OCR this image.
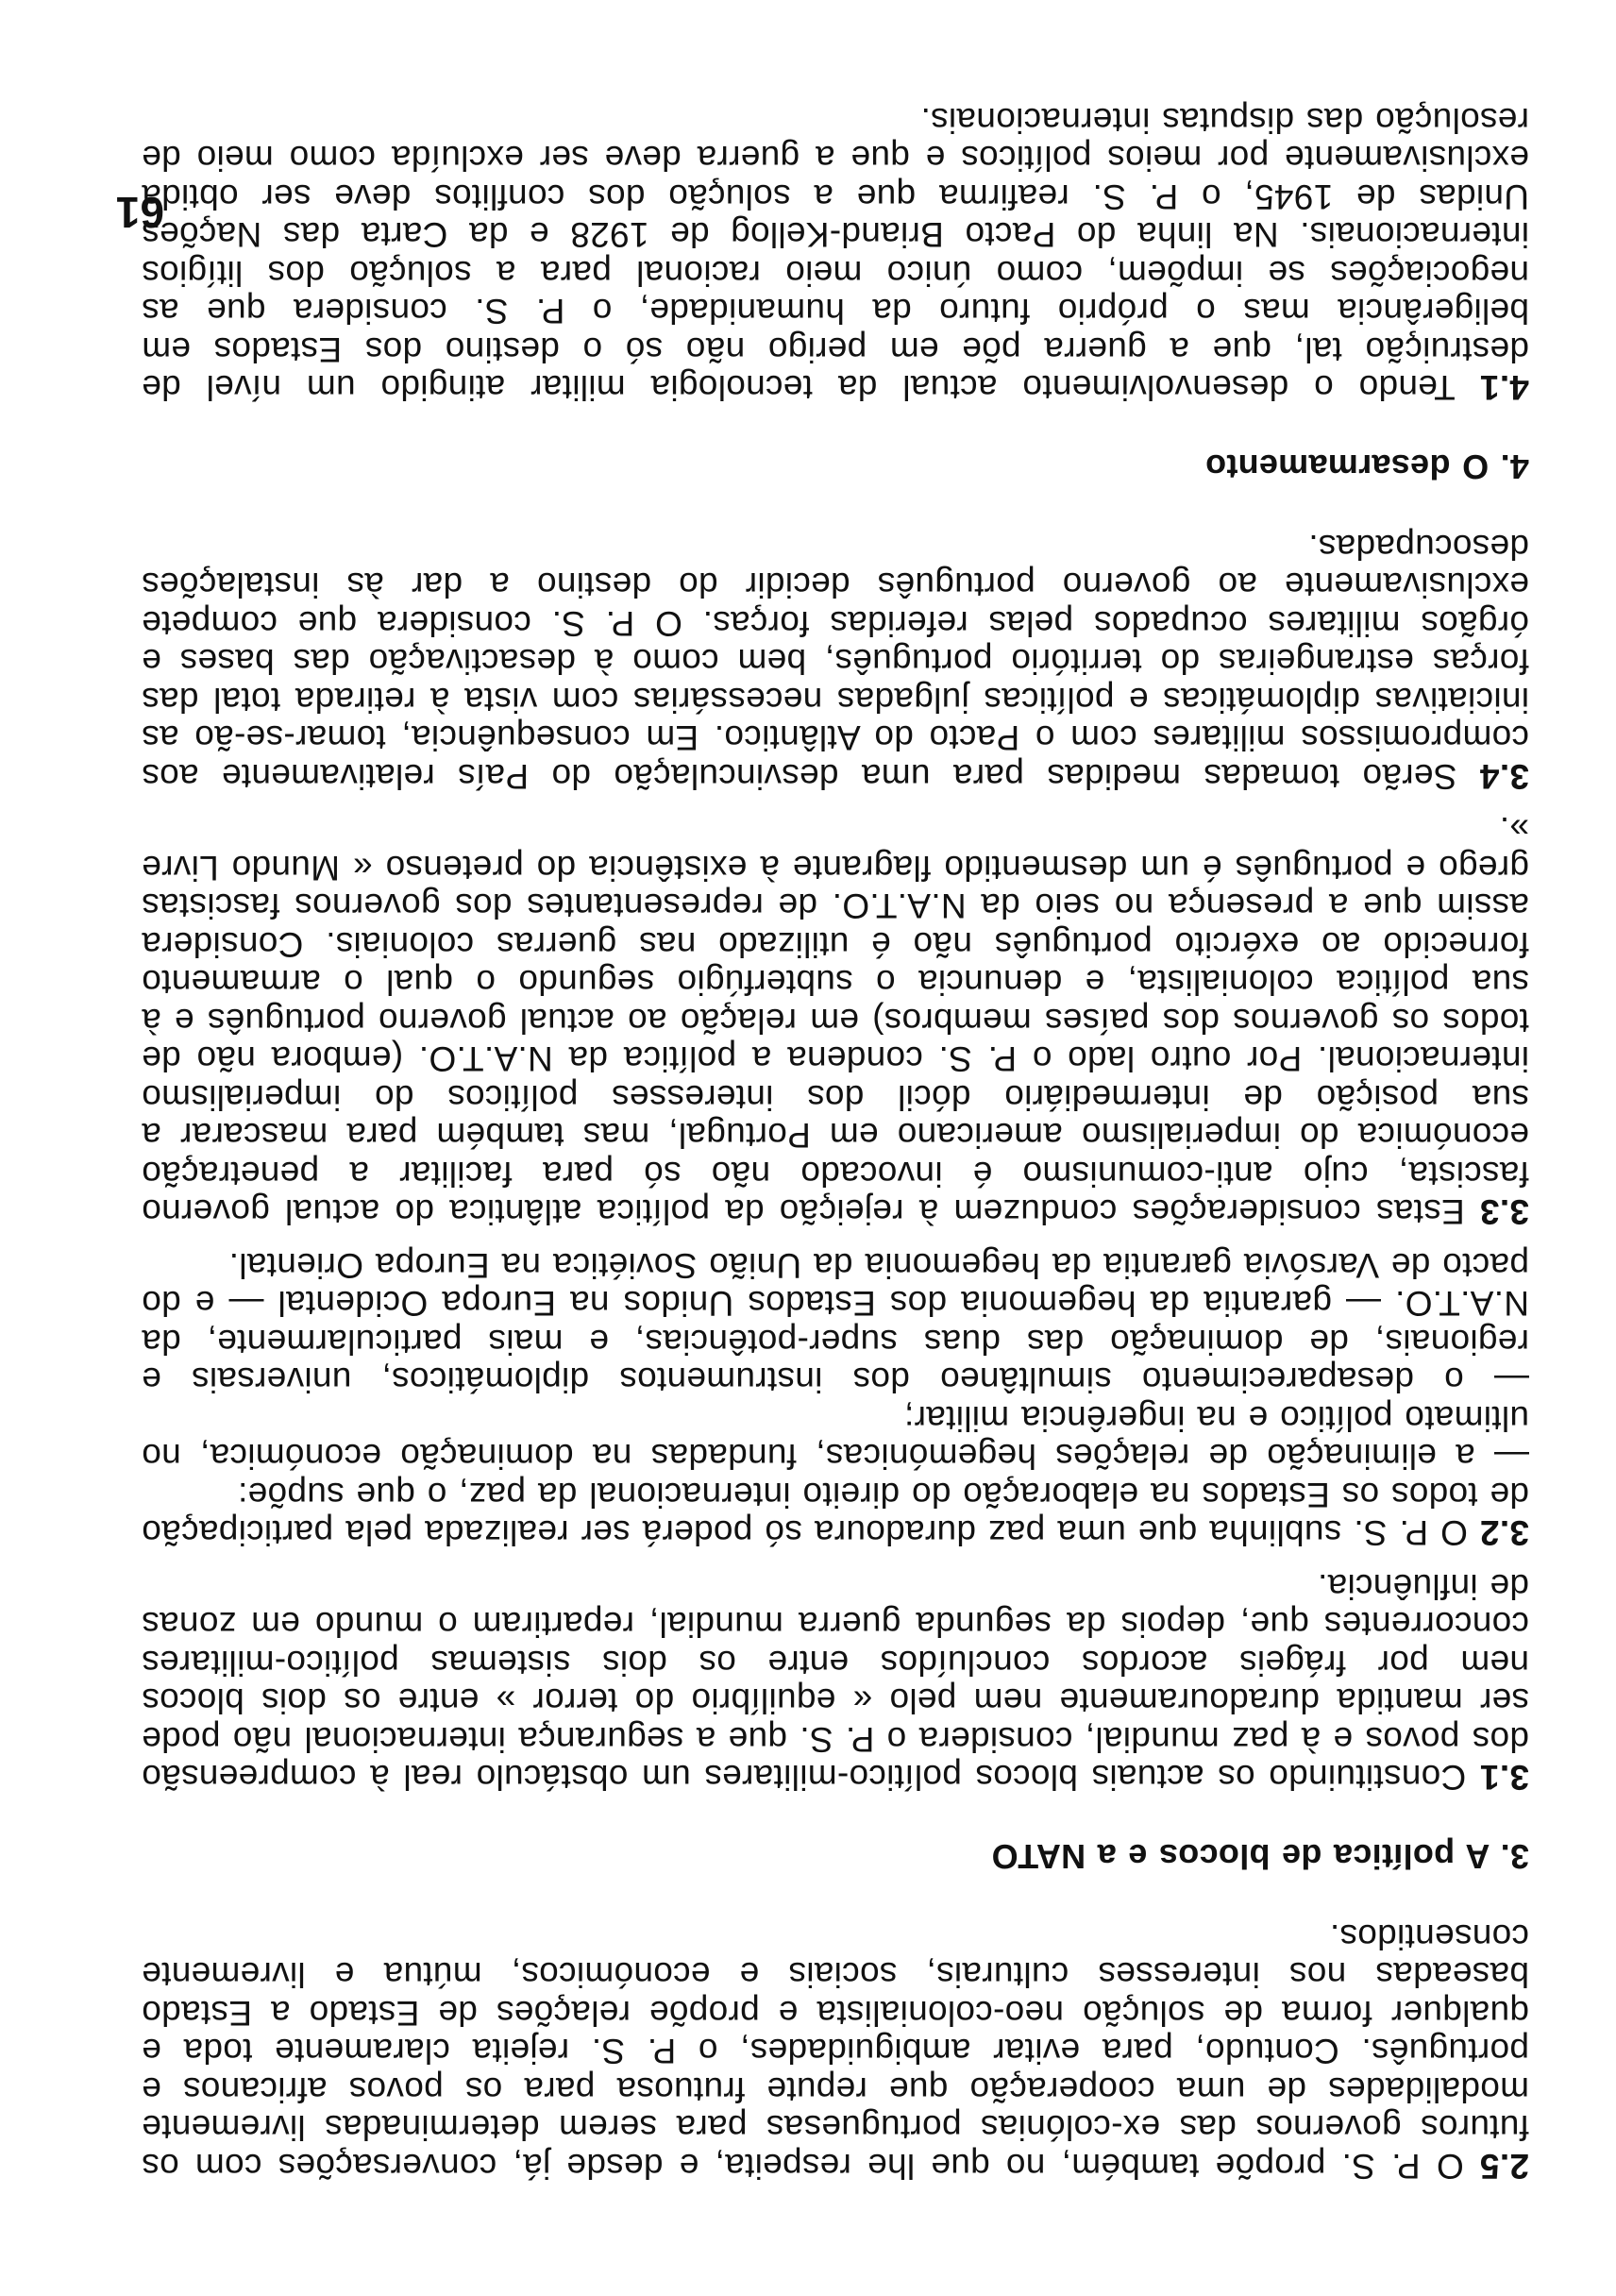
2.5 O P. S. propõe também, no que lhe respeita, e desde já, conversações com os futuros governos das ex-colónias portuguesas para serem determinadas livremente modalidades de uma cooperação que repute frutuosa para os povos africanos e português. Contudo, para evitar ambiguidades, o P. S. rejeita claramente toda e qualquer forma de solução neo-colonialista e propõe relações de Estado a Estado baseadas nos interesses culturais, sociais e económicos, mútua e livremente consentidos.

3. A política de blocos e a NATO

3.1 Constituindo os actuais blocos político-militares um obstáculo real à compreensão dos povos e à paz mundial, considera o P. S. que a segurança internacional não pode ser mantida duradouramente nem pelo « equilíbrio do terror » entre os dois blocos nem por frágeis acordos concluídos entre os dois sistemas político-militares concorrentes que, depois da segunda guerra mundial, repartiram o mundo em zonas de influência.

3.2 O P. S. sublinha que uma paz duradoura só poderá ser realizada pela participação de todos os Estados na elaboração do direito internacional da paz, o que supõe:

— a eliminação de relações hegemónicas, fundadas na dominação económica, no ultimato político e na ingerência militar;

— o desaparecimento simultâneo dos instrumentos diplomáticos, universais e regionais, de dominação das duas super-potências, e mais particularmente, da N.A.T.O. — garantia da hegemonia dos Estados Unidos na Europa Ocidental — e do pacto de Varsóvia garantia da hegemonia da União Soviética na Europa Oriental.

3.3 Estas considerações conduzem à rejeição da política atlântica do actual governo fascista, cujo anti-comunismo é invocado não só para facilitar a penetração económica do imperialismo americano em Portugal, mas também para mascarar a sua posição de intermediário dócil dos interesses políticos do imperialismo internacional. Por outro lado o P. S. condena a política da N.A.T.O. (embora não de todos os governos dos países membros) em relação ao actual governo português e à sua política colonialista, e denuncia o subterfúgio segundo o qual o armamento fornecido ao exército português não é utilizado nas guerras coloniais. Considera assim que a presença no seio da N.A.T.O. de representantes dos governos fascistas grego e português é um desmentido flagrante à existência do pretenso « Mundo Livre ».

3.4 Serão tomadas medidas para uma desvinculação do País relativamente aos compromissos militares com o Pacto do Atlântico. Em consequência, tomar-se-ão as iniciativas diplomáticas e políticas julgadas necessárias com vista à retirada total das forças estrangeiras do território português, bem como à desactivação das bases e órgãos militares ocupados pelas referidas forças. O P. S. considera que compete exclusivamente ao governo português decidir do destino a dar às instalações desocupadas.

4. O desarmamento

4.1 Tendo o desenvolvimento actual da tecnologia militar atingido um nível de destruição tal, que a guerra põe em perigo não só o destino dos Estados em beligerância mas o próprio futuro da humanidade, o P. S. considera que as negociações se impõem, como único meio racional para a solução dos litígios internacionais. Na linha do Pacto Briand-Kellog de 1928 e da Carta das Nações Unidas de 1945, o P. S. reafirma que a solução dos conflitos deve ser obtida exclusivamente por meios políticos e que a guerra deve ser excluída como meio de resolução das disputas internacionais.

61
